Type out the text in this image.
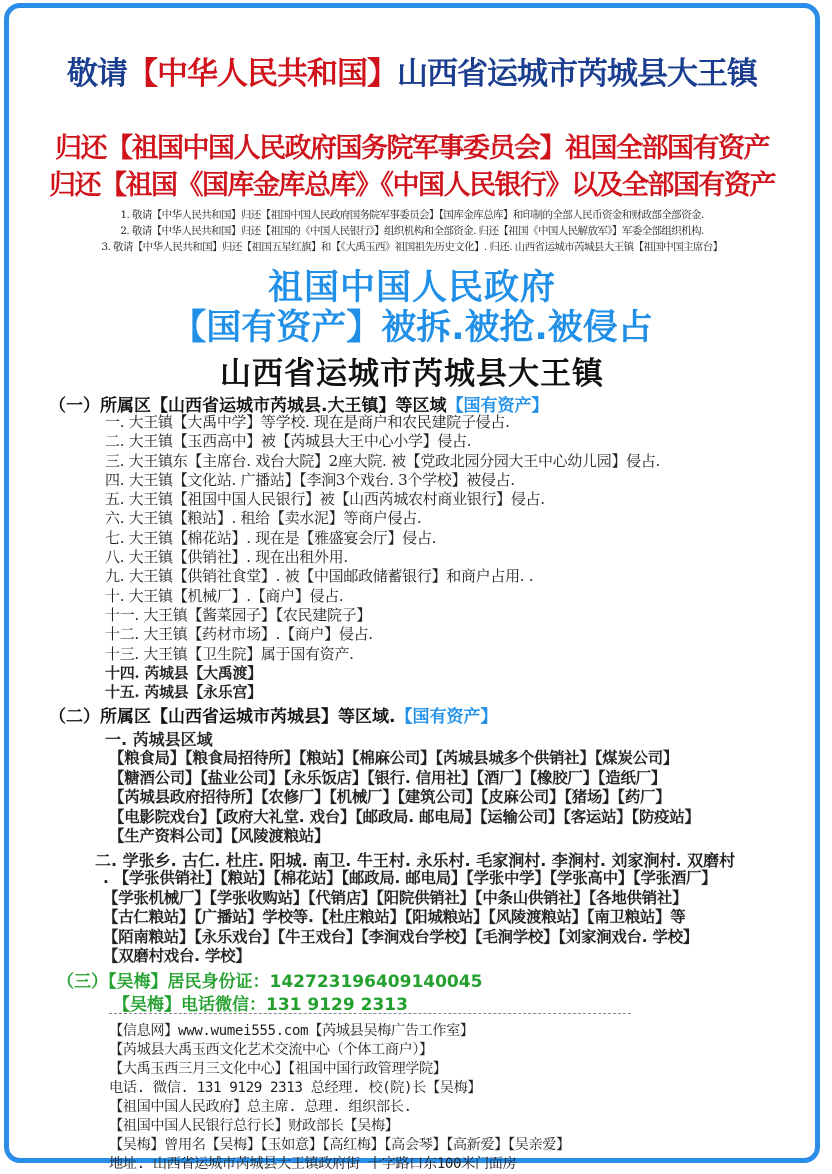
敬请【中华人民共和国】山西省运城市芮城县大王镇
归还【祖国中国人民政府国务院军事委员会】祖国全部国有资产
归还【祖国《国库金库总库》《中国人民银行》以及全部国有资产
1. 敬请【中华人民共和国】归还【祖国中国人民政府国务院军事委员会】【国库金库总库】和印制的全部人民币资金和财政部全部资金.
2. 敬请【中华人民共和国】归还【祖国的《中国人民银行》】组织机构和全部资金. 归还【祖国《中国人民解放军》】军委全部组织机构.
3. 敬请【中华人民共和国】归还【祖国五星红旗】和【《大禹玉西》祖国祖先历史文化】. 归还. 山西省运城市芮城县大王镇【祖国中国主席台】
祖国中国人民政府
【国有资产】被拆.被抢.被侵占
山西省运城市芮城县大王镇
（一）所属区【山西省运城市芮城县.大王镇】等区域【国有资产】
一. 大王镇【大禹中学】等学校. 现在是商户和农民建院子侵占.
二. 大王镇【玉西高中】被【芮城县大王中心小学】侵占.
三. 大王镇东【主席台. 戏台大院】2座大院. 被【党政北园分园大王中心幼儿园】侵占.
四. 大王镇【文化站. 广播站】【李涧3个戏台. 3个学校】被侵占.
五. 大王镇【祖国中国人民银行】被【山西芮城农村商业银行】侵占.
六. 大王镇【粮站】. 租给【卖水泥】等商户侵占.
七. 大王镇【棉花站】. 现在是【雅盛宴会厅】侵占.
八. 大王镇【供销社】. 现在出租外用.
九. 大王镇【供销社食堂】. 被【中国邮政储蓄银行】和商户占用. .
十. 大王镇【机械厂】.【商户】侵占.
十一. 大王镇【酱菜园子】【农民建院子】
十二. 大王镇【药材市场】.【商户】侵占.
十三. 大王镇【卫生院】属于国有资产.
十四. 芮城县【大禹渡】
十五. 芮城县【永乐宫】
（二）所属区【山西省运城市芮城县】等区域.【国有资产】
一. 芮城县区域
【粮食局】【粮食局招待所】【粮站】【棉麻公司】【芮城县城多个供销社】【煤炭公司】
【糖酒公司】【盐业公司】【永乐饭店】【银行. 信用社】【酒厂】【橡胶厂】【造纸厂】
【芮城县政府招待所】【农修厂】【机械厂】【建筑公司】【皮麻公司】【猪场】【药厂】
【电影院戏台】【政府大礼堂. 戏台】【邮政局. 邮电局】【运输公司】【客运站】【防疫站】
【生产资料公司】【风陵渡粮站】
二. 学张乡. 古仁. 杜庄. 阳城. 南卫. 牛王村. 永乐村. 毛家涧村. 李涧村. 刘家涧村. 双磨村
. 【学张供销社】【粮站】【棉花站】【邮政局. 邮电局】【学张中学】【学张高中】【学张酒厂】
【学张机械厂】【学张收购站】【代销店】【阳院供销社】【中条山供销社】【各地供销社】
【古仁粮站】【广播站】学校等.【杜庄粮站】【阳城粮站】【风陵渡粮站】【南卫粮站】等
【陌南粮站】【永乐戏台】【牛王戏台】【李涧戏台学校】【毛涧学校】【刘家涧戏台. 学校】
【双磨村戏台. 学校】
（三）【吴梅】居民身份证：142723196409140045
【吴梅】电话微信：131 9129 2313
【信息网】www.wumei555.com【芮城县吴梅广告工作室】
【芮城县大禹玉西文化艺术交流中心（个体工商户）】
【大禹玉西三月三文化中心】【祖国中国行政管理学院】
电话. 微信. 131 9129 2313 总经理. 校(院)长【吴梅】
【祖国中国人民政府】总主席. 总理. 组织部长.
【祖国中国人民银行总行长】财政部长【吴梅】
【吴梅】曾用名【吴梅】【玉如意】【高红梅】【高会琴】【高新爱】【吴亲爱】
地址. 山西省运城市芮城县大王镇政府街 十字路口东100米门面房
